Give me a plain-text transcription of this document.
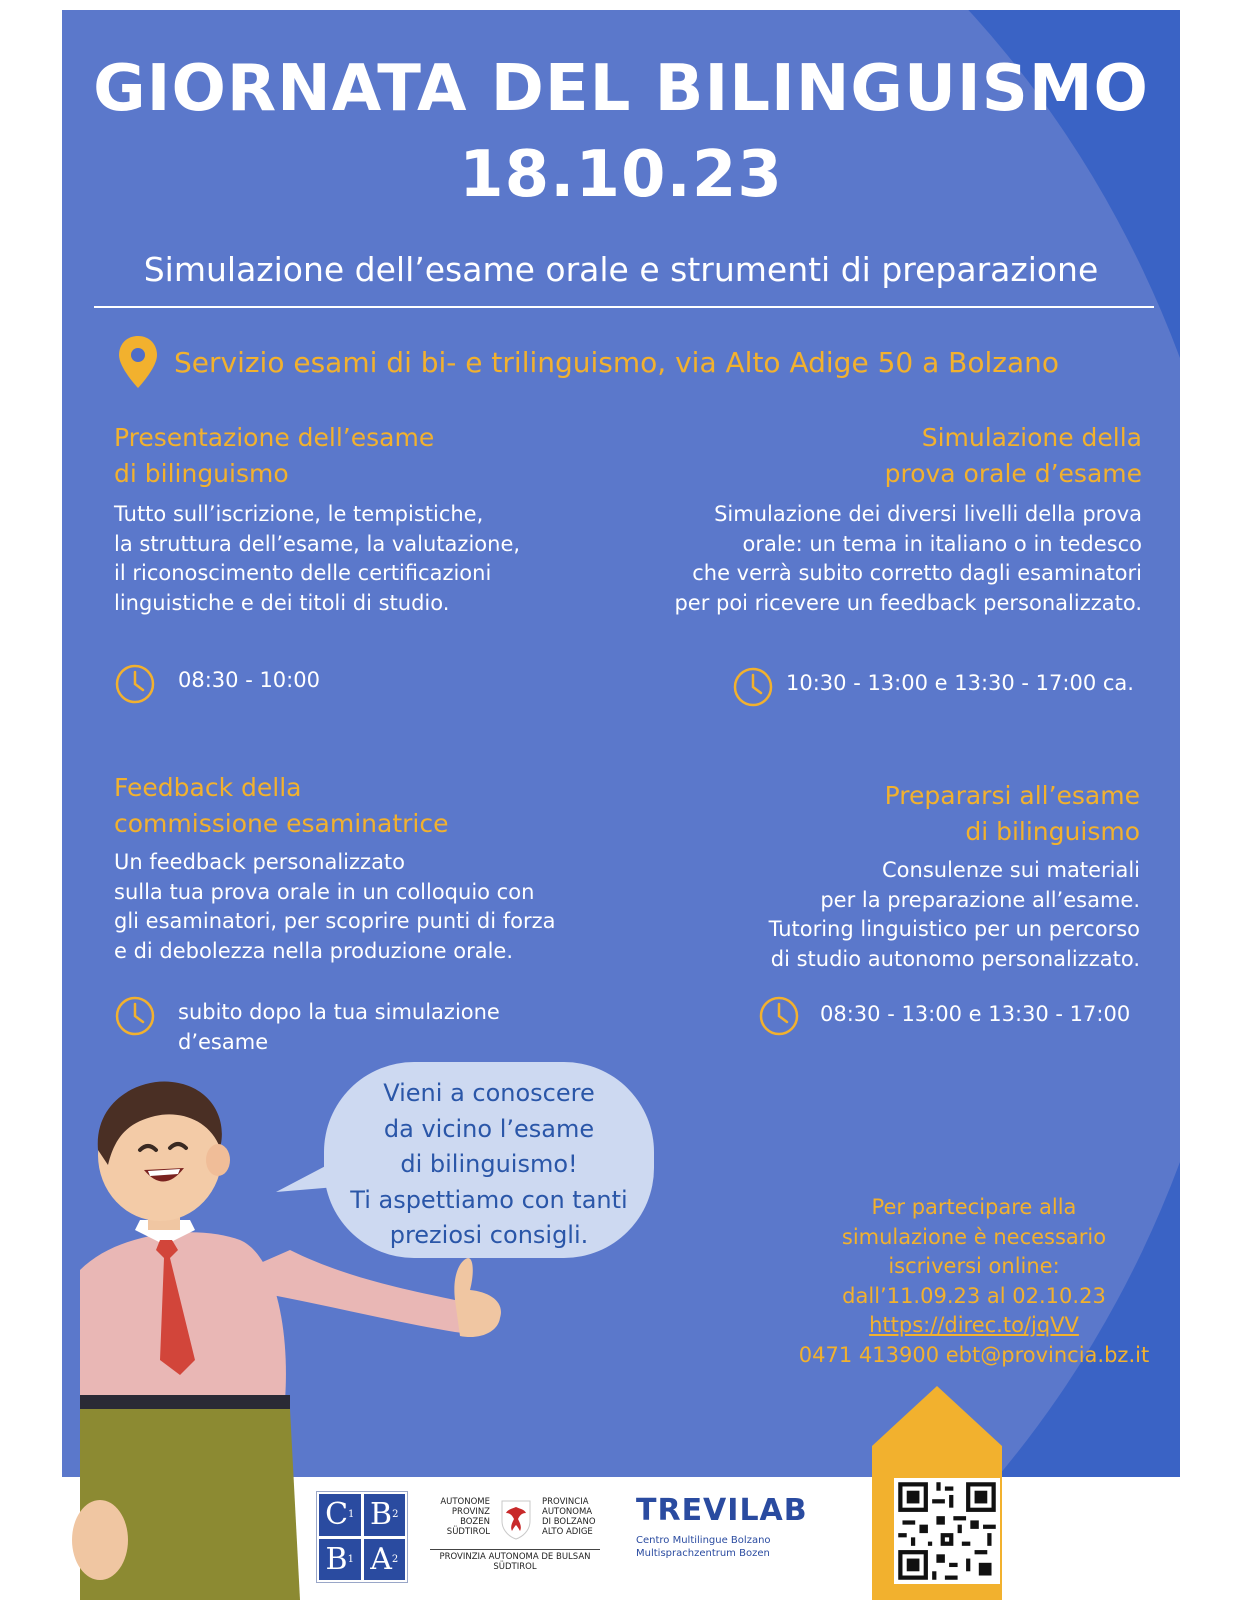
GIORNATA DEL BILINGUISMO
18.10.23
Simulazione dell’esame orale e strumenti di preparazione
Servizio esami di bi- e trilinguismo, via Alto Adige 50 a Bolzano
Presentazione dell’esame
di bilinguismo
Tutto sull’iscrizione, le tempistiche,
la struttura dell’esame, la valutazione,
il riconoscimento delle certificazioni
linguistiche e dei titoli di studio.
08:30 - 10:00
Simulazione della
prova orale d’esame
Simulazione dei diversi livelli della prova
orale: un tema in italiano o in tedesco
che verrà subito corretto dagli esaminatori
per poi ricevere un feedback personalizzato.
10:30 - 13:00 e 13:30 - 17:00 ca.
Feedback della
commissione esaminatrice
Un feedback personalizzato
sulla tua prova orale in un colloquio con
gli esaminatori, per scoprire punti di forza
e di debolezza nella produzione orale.
subito dopo la tua simulazione
d’esame
Prepararsi all’esame
di bilinguismo
Consulenze sui materiali
per la preparazione all’esame.
Tutoring linguistico per un percorso
di studio autonomo personalizzato.
08:30 - 13:00 e 13:30 - 17:00
Vieni a conoscere
da vicino l’esame
di bilinguismo!
Ti aspettiamo con tanti
preziosi consigli.
Per partecipare alla
simulazione è necessario
iscriversi online:
dall’11.09.23 al 02.10.23
https://direc.to/jqVV
0471 413900 ebt@provincia.bz.it
C 1 B 2
B 1 A 2
AUTONOME
PROVINZ
BOZEN
SÜDTIROL
PROVINCIA
AUTONOMA
DI BOLZANO
ALTO ADIGE
PROVINZIA AUTONOMA DE BULSAN
SÜDTIROL
TREVILAB
Centro Multilingue Bolzano
Multisprachzentrum Bozen
